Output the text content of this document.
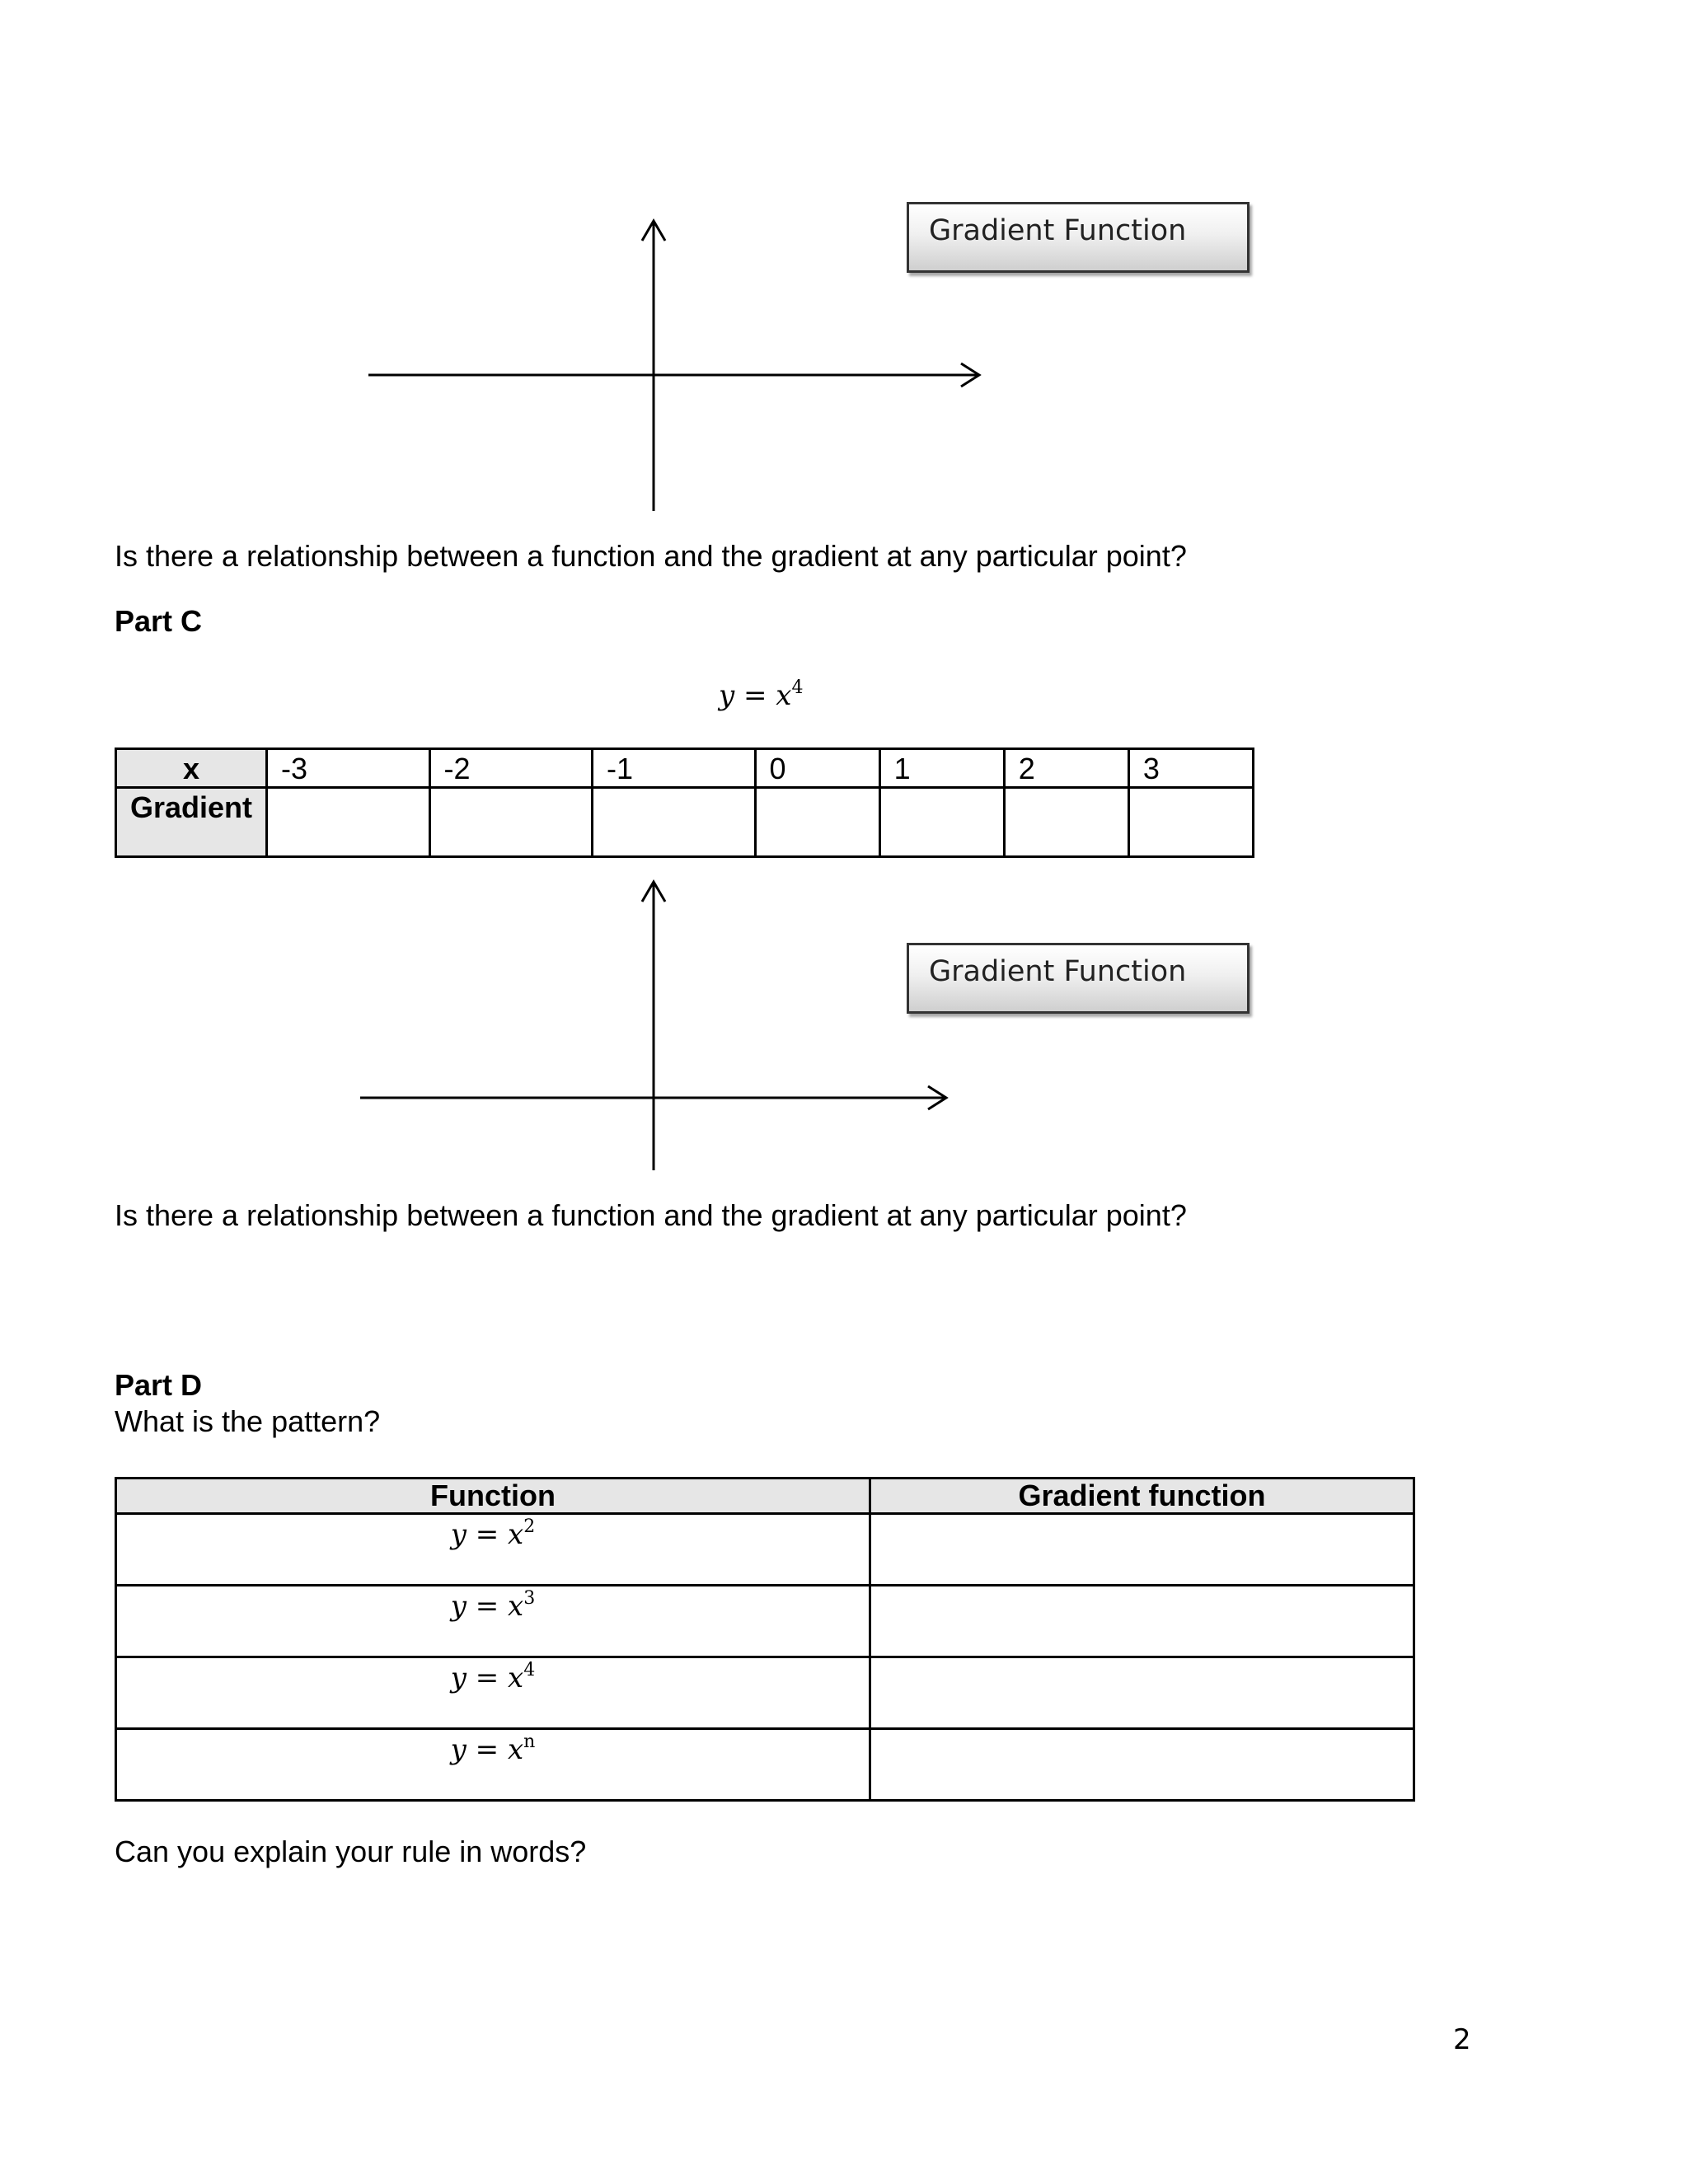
Gradient Function
Is there a relationship between a function and the gradient at any particular point?
Part C
$y = x^4$
x	-3	-2	-1	0	1	2	3
Gradient							
Gradient Function
Is there a relationship between a function and the gradient at any particular point?
Part D
What is the pattern?
Function	Gradient function
$y = x^2$	
$y = x^3$	
$y = x^4$	
$y = x^n$	
Can you explain your rule in words?
2
